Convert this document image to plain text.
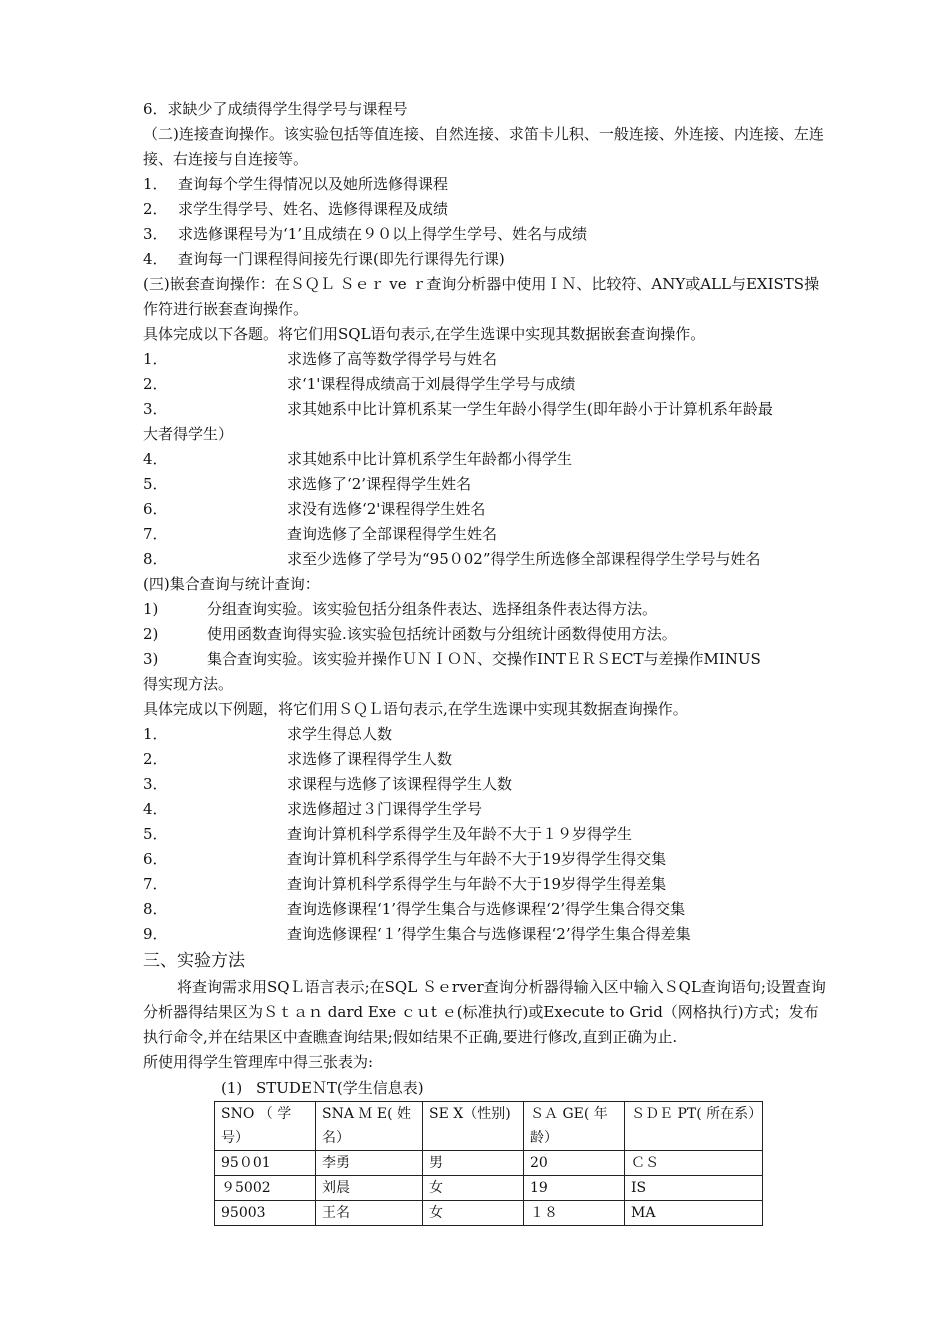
6．求缺少了成绩得学生得学号与课程号
（二)连接查询操作。该实验包括等值连接、自然连接、求笛卡儿积、一般连接、外连接、内连接、左连接、右连接与自连接等。
1． 查询每个学生得情况以及她所选修得课程
2． 求学生得学号、姓名、选修得课程及成绩
3． 求选修课程号为‘1’且成绩在９０以上得学生学号、姓名与成绩
4． 查询每一门课程得间接先行课(即先行课得先行课)
(三)嵌套查询操作：在ＳＱＬ Ｓｅｒ ve ｒ查询分析器中使用ＩＮ、比较符、ANY或ALL与EXISTS操作符进行嵌套查询操作。
具体完成以下各题。将它们用SQL语句表示,在学生选课中实现其数据嵌套查询操作。
1．	求选修了高等数学得学号与姓名
2．	求‘1'课程得成绩高于刘晨得学生学号与成绩
3．	求其她系中比计算机系某一学生年龄小得学生(即年龄小于计算机系年龄最
大者得学生）
4．	求其她系中比计算机系学生年龄都小得学生
5．	求选修了‘2’课程得学生姓名
6．	求没有选修‘2'课程得学生姓名
7．	查询选修了全部课程得学生姓名
8．	求至少选修了学号为“95０02”得学生所选修全部课程得学生学号与姓名
(四)集合查询与统计查询：
1)	分组查询实验。该实验包括分组条件表达、选择组条件表达得方法。
2)	使用函数查询得实验.该实验包括统计函数与分组统计函数得使用方法。
3)	集合查询实验。该实验并操作ＵＮＩＯＮ、交操作INTＥＲＳECT与差操作MINUS
得实现方法。
具体完成以下例题，将它们用ＳＱＬ语句表示,在学生选课中实现其数据查询操作。
1．	求学生得总人数
2．	求选修了课程得学生人数
3．	求课程与选修了该课程得学生人数
4．	求选修超过３门课得学生学号
5．	查询计算机科学系得学生及年龄不大于１９岁得学生
6．	查询计算机科学系得学生与年龄不大于19岁得学生得交集
7．	查询计算机科学系得学生与年龄不大于19岁得学生得差集
8．	查询选修课程‘1’得学生集合与选修课程‘2’得学生集合得交集
9．	查询选修课程‘１’得学生集合与选修课程‘2’得学生集合得差集
三、实验方法
将查询需求用SQＬ语言表示;在SQL Ｓｅrver查询分析器得输入区中输入ＳQL查询语句;设置查询分析器得结果区为Ｓｔａｎ dard Exe ｃｕt ｅ(标准执行)或Execute to Grid（网格执行)方式；发布执行命令,并在结果区中查瞧查询结果;假如结果不正确,要进行修改,直到正确为止.
所使用得学生管理库中得三张表为:
(1) STUDEＮT(学生信息表)
SNO （ 学号）	SNA Ｍ E( 姓名）	SE X（性别)	ＳＡ GE( 年龄）	ＳＤＥ PT( 所在系）
95０01	李勇	男	20	ＣＳ
９5002	刘晨	女	19	IS
95003	王名	女	１８	MA
